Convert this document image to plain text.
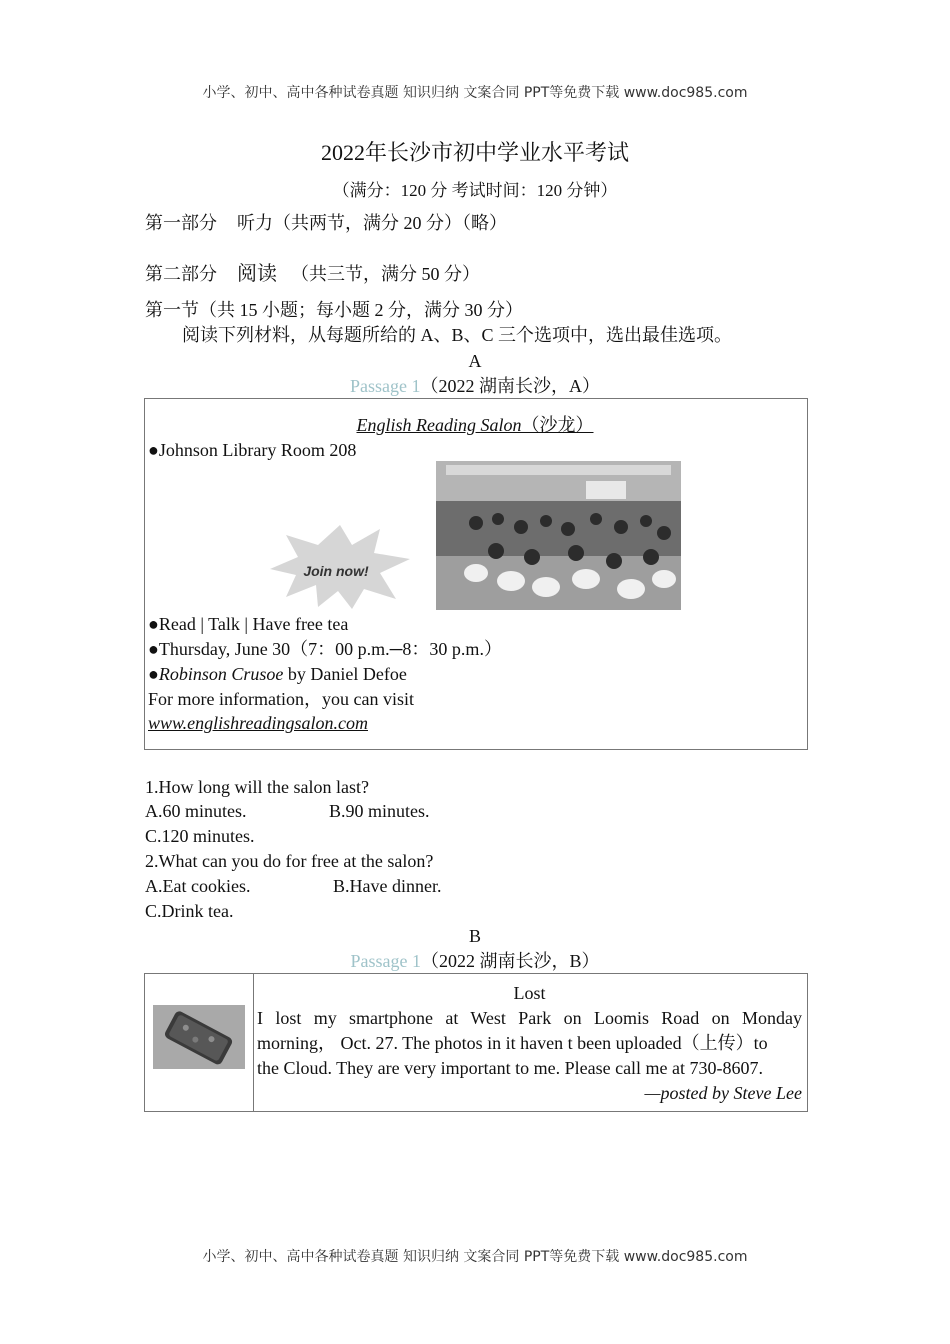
小学、初中、高中各种试卷真题 知识归纳 文案合同 PPT等免费下载 www.doc985.com
2022年长沙市初中学业水平考试
（满分：120 分 考试时间：120 分钟）
第一部分 听力（共两节，满分 20 分）（略）
第二部分 阅读 （共三节，满分 50 分）
第一节（共 15 小题；每小题 2 分，满分 30 分）
阅读下列材料，从每题所给的 A、B、C 三个选项中，选出最佳选项。
A
Passage 1（2022 湖南长沙，A）
English Reading Salon（沙龙）
●Johnson Library Room 208
Join now!
●Read | Talk | Have free tea
●Thursday, June 30（7：00 p.m.─8：30 p.m.）
●Robinson Crusoe by Daniel Defoe
For more information，you can visit
www.englishreadingsalon.com
1.How long will the salon last?
A.60 minutes.	B.90 minutes.
C.120 minutes.
2.What can you do for free at the salon?
A.Eat cookies.	B.Have dinner.
C.Drink tea.
B
Passage 1（2022 湖南长沙，B）
Lost
I lost my smartphone at West Park on Loomis Road on Monday
morning， Oct. 27. The photos in it haven t been uploaded（上传）to
the Cloud. They are very important to me. Please call me at 730-8607.
—posted by Steve Lee
小学、初中、高中各种试卷真题 知识归纳 文案合同 PPT等免费下载 www.doc985.com
